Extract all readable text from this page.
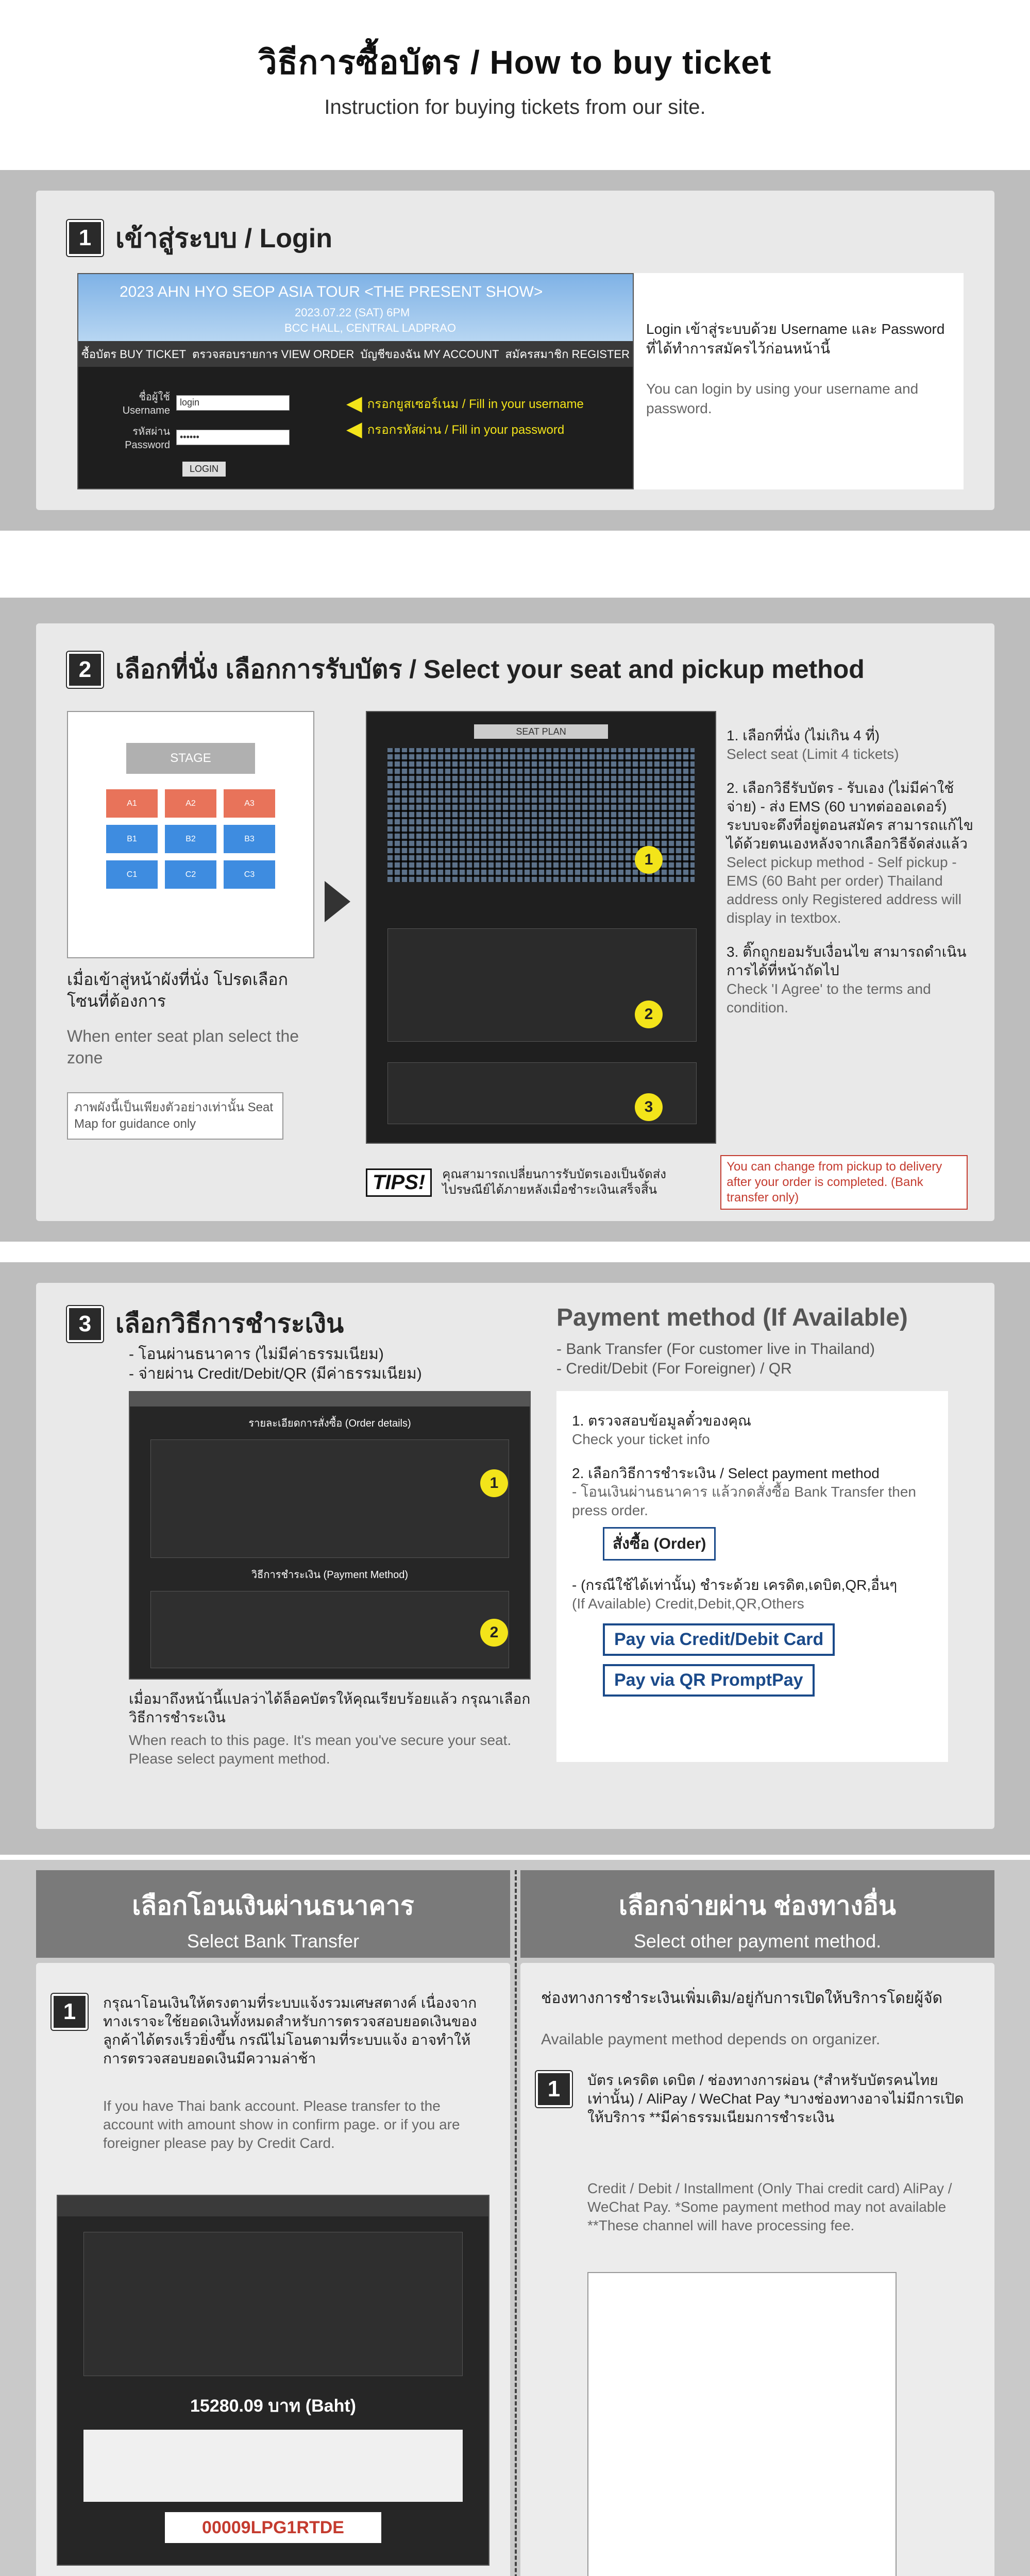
วิธีการซื้อบัตร / How to buy ticket

Instruction for buying tickets from our site.

1 เข้าสู่ระบบ / Login
2023 AHN HYO SEOP ASIA TOUR <THE PRESENT SHOW>
2023.07.22 (SAT) 6PM
BCC HALL, CENTRAL LADPRAO
ซื้อบัตร BUY TICKET ตรวจสอบรายการ VIEW ORDER บัญชีของฉัน MY ACCOUNT สมัครสมาชิก REGISTER
ชื่อผู้ใช้ Username
login
รหัสผ่าน Password
••••••
LOGIN
◀ กรอกยูสเซอร์เนม / Fill in your username
◀ กรอกรหัสผ่าน / Fill in your password
Login เข้าสู่ระบบด้วย Username และ Password ที่ได้ทำการสมัครไว้ก่อนหน้านี้
You can login by using your username and password.
2 เลือกที่นั่ง เลือกการรับบัตร / Select your seat and pickup method
STAGE
A1	A2	A3
B1	B2	B3
C1	C2	C3
เมื่อเข้าสู่หน้าผังที่นั่ง โปรดเลือกโซนที่ต้องการ
When enter seat plan select the zone
ภาพผังนี้เป็นเพียงตัวอย่างเท่านั้น Seat Map for guidance only
SEAT PLAN
1
2
3
1. เลือกที่นั่ง (ไม่เกิน 4 ที่)
Select seat (Limit 4 tickets)
2. เลือกวิธีรับบัตร - รับเอง (ไม่มีค่าใช้จ่าย) - ส่ง EMS (60 บาทต่อออเดอร์) ระบบจะดึงที่อยู่ตอนสมัคร สามารถแก้ไขได้ด้วยตนเองหลังจากเลือกวิธีจัดส่งแล้ว
Select pickup method - Self pickup - EMS (60 Baht per order) Thailand address only Registered address will display in textbox.
3. ติ๊กถูกยอมรับเงื่อนไข สามารถดำเนินการได้ที่หน้าถัดไป
Check 'I Agree' to the terms and condition.
TIPS!	คุณสามารถเปลี่ยนการรับบัตรเองเป็นจัดส่งไปรษณีย์ได้ภายหลังเมื่อชำระเงินเสร็จสิ้น
You can change from pickup to delivery after your order is completed. (Bank transfer only)
3 เลือกวิธีการชำระเงิน
- โอนผ่านธนาคาร (ไม่มีค่าธรรมเนียม)
- จ่ายผ่าน Credit/Debit/QR (มีค่าธรรมเนียม)
Payment method (If Available)
- Bank Transfer (For customer live in Thailand)
- Credit/Debit (For Foreigner) / QR
รายละเอียดการสั่งซื้อ (Order details)
1
วิธีการชำระเงิน (Payment Method)
2
เมื่อมาถึงหน้านี้แปลว่าได้ล็อคบัตรให้คุณเรียบร้อยแล้ว กรุณาเลือกวิธีการชำระเงิน
When reach to this page. It's mean you've secure your seat. Please select payment method.
1. ตรวจสอบข้อมูลตั๋วของคุณ
Check your ticket info
2. เลือกวิธีการชำระเงิน / Select payment method
- โอนเงินผ่านธนาคาร แล้วกดสั่งซื้อ Bank Transfer then press order.
สั่งซื้อ (Order)
- (กรณีใช้ได้เท่านั้น) ชำระด้วย เครดิต,เดบิต,QR,อื่นๆ
(If Available) Credit,Debit,QR,Others
Pay via Credit/Debit Card Pay via QR PromptPay
เลือกโอนเงินผ่านธนาคาร
Select Bank Transfer
เลือกจ่ายผ่าน ช่องทางอื่น
Select other payment method.
1	กรุณาโอนเงินให้ตรงตามที่ระบบแจ้งรวมเศษสตางค์ เนื่องจากทางเราจะใช้ยอดเงินทั้งหมดสำหรับการตรวจสอบยอดเงินของลูกค้าได้ตรงเร็วยิ่งขึ้น กรณีไม่โอนตามที่ระบบแจ้ง อาจทำให้การตรวจสอบยอดเงินมีความล่าช้า
If you have Thai bank account. Please transfer to the account with amount show in confirm page. or if you are foreigner please pay by Credit Card.
15280.09 บาท (Baht)
00009LPG1RTDE
ช่องทางการชำระเงินเพิ่มเติม/อยู่กับการเปิดให้บริการโดยผู้จัด
Available payment method depends on organizer.
1	บัตร เครดิต เดบิต / ช่องทางการผ่อน (*สำหรับบัตรคนไทยเท่านั้น) / AliPay / WeChat Pay *บางช่องทางอาจไม่มีการเปิดให้บริการ **มีค่าธรรมเนียมการชำระเงิน
Credit / Debit / Installment (Only Thai credit card) AliPay / WeChat Pay. *Some payment method may not available **These channel will have processing fee.
